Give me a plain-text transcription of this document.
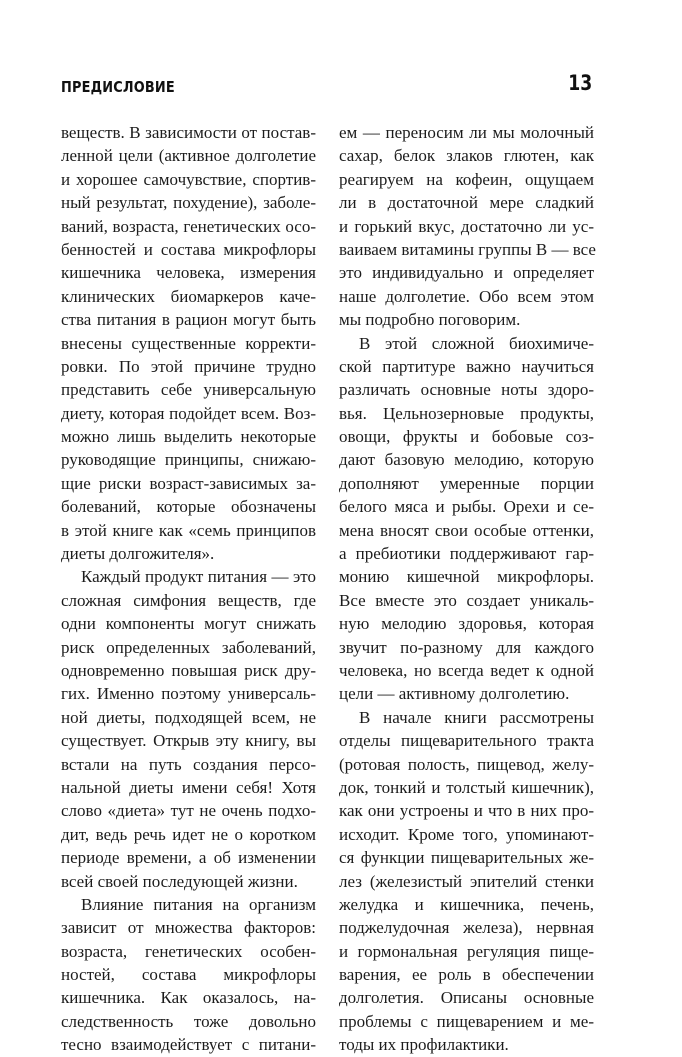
ПРЕДИСЛОВИЕ	13
веществ. В зависимости от постав-
ленной цели (активное долголетие
и хорошее самочувствие, спортив-
ный результат, похудение), заболе-
ваний, возраста, генетических осо-
бенностей и состава микрофлоры
кишечника человека, измерения
клинических биомаркеров каче-
ства питания в рацион могут быть
внесены существенные корректи-
ровки. По этой причине трудно
представить себе универсальную
диету, которая подойдет всем. Воз-
можно лишь выделить некоторые
руководящие принципы, снижаю-
щие риски возраст-зависимых за-
болеваний, которые обозначены
в этой книге как «семь принципов
диеты долгожителя».
Каждый продукт питания — это
сложная симфония веществ, где
одни компоненты могут снижать
риск определенных заболеваний,
одновременно повышая риск дру-
гих. Именно поэтому универсаль-
ной диеты, подходящей всем, не
существует. Открыв эту книгу, вы
встали на путь создания персо-
нальной диеты имени себя! Хотя
слово «диета» тут не очень подхо-
дит, ведь речь идет не о коротком
периоде времени, а об изменении
всей своей последующей жизни.
Влияние питания на организм
зависит от множества факторов:
возраста, генетических особен-
ностей, состава микрофлоры
кишечника. Как оказалось, на-
следственность тоже довольно
тесно взаимодействует с питани-
ем — переносим ли мы молочный
сахар, белок злаков глютен, как
реагируем на кофеин, ощущаем
ли в достаточной мере сладкий
и горький вкус, достаточно ли ус-
ваиваем витамины группы В — все
это индивидуально и определяет
наше долголетие. Обо всем этом
мы подробно поговорим.
В этой сложной биохимиче-
ской партитуре важно научиться
различать основные ноты здоро-
вья. Цельнозерновые продукты,
овощи, фрукты и бобовые соз-
дают базовую мелодию, которую
дополняют умеренные порции
белого мяса и рыбы. Орехи и се-
мена вносят свои особые оттенки,
а пребиотики поддерживают гар-
монию кишечной микрофлоры.
Все вместе это создает уникаль-
ную мелодию здоровья, которая
звучит по-разному для каждого
человека, но всегда ведет к одной
цели — активному долголетию.
В начале книги рассмотрены
отделы пищеварительного тракта
(ротовая полость, пищевод, желу-
док, тонкий и толстый кишечник),
как они устроены и что в них про-
исходит. Кроме того, упоминают-
ся функции пищеварительных же-
лез (железистый эпителий стенки
желудка и кишечника, печень,
поджелудочная железа), нервная
и гормональная регуляция пище-
варения, ее роль в обеспечении
долголетия. Описаны основные
проблемы с пищеварением и ме-
тоды их профилактики.
